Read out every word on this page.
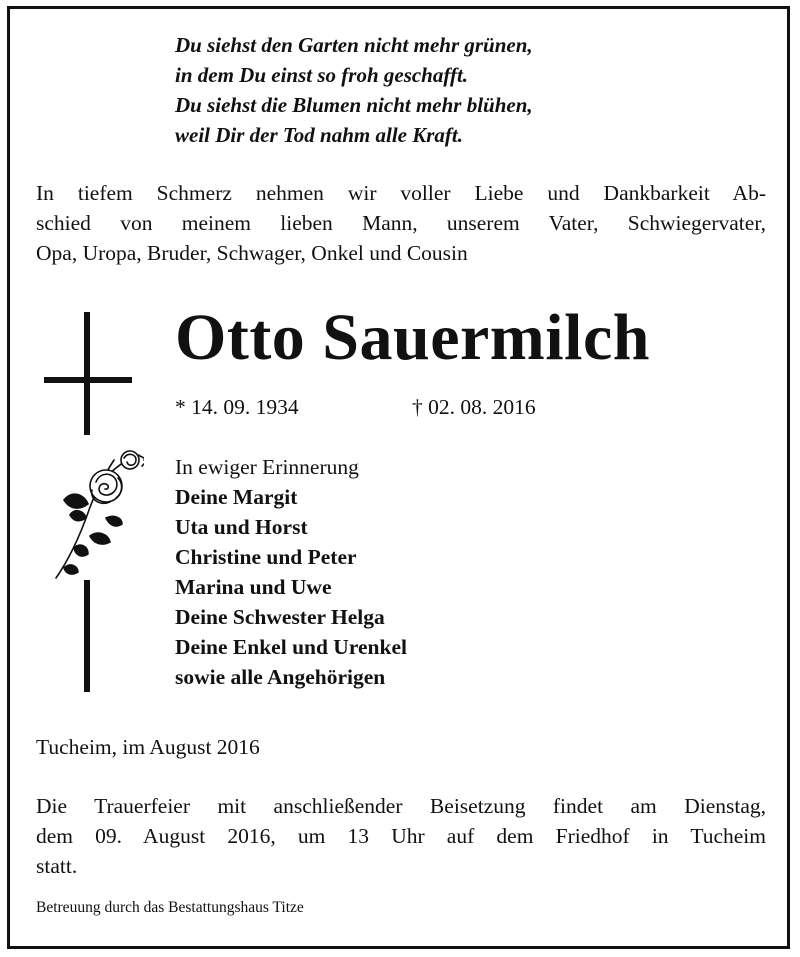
Du siehst den Garten nicht mehr grünen,
in dem Du einst so froh geschafft.
Du siehst die Blumen nicht mehr blühen,
weil Dir der Tod nahm alle Kraft.
In tiefem Schmerz nehmen wir voller Liebe und Dankbarkeit Ab-
schied von meinem lieben Mann, unserem Vater, Schwiegervater,
Opa, Uropa, Bruder, Schwager, Onkel und Cousin
Otto Sauermilch
* 14. 09. 1934	† 02. 08. 2016
In ewiger Erinnerung
Deine Margit
Uta und Horst
Christine und Peter
Marina und Uwe
Deine Schwester Helga
Deine Enkel und Urenkel
sowie alle Angehörigen
Tucheim, im August 2016
Die Trauerfeier mit anschließender Beisetzung findet am Dienstag,
dem 09. August 2016, um 13 Uhr auf dem Friedhof in Tucheim
statt.
Betreuung durch das Bestattungshaus Titze
